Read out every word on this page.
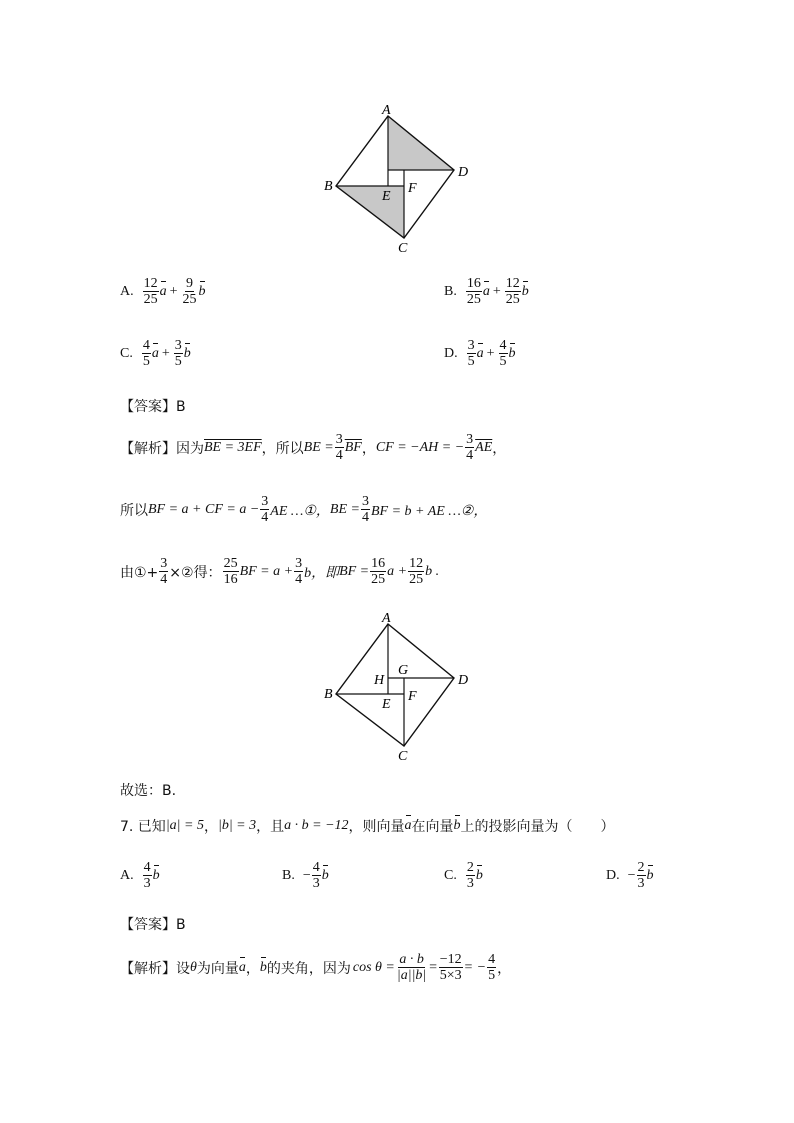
A
B
C
D
E
F
A. $\frac{12}{25}$ $a + \frac{9}{25}$ b	B. $\frac{16}{25}$ $a + \frac{12}{25}$ b
C. $\frac{4}{5}$ $a + \frac{3}{5}$ b	D. $\frac{3}{5}$ $a + \frac{4}{5}$ b
【答案】B
【解析】因为 BE = 3EF ，所以 BE = $\frac{3}{4} \overline{BF}$ ， CF = −AH = − $\frac{3}{4} \overline{AE}$ ，
所以 BF = a + CF = $a - \frac{3}{4}$ AE …①， BE = $\frac{3}{4}$ BF = b + AE …②，
由①+ $\frac{3}{4}$ ×②得： $\frac{25}{16}$ BF = $a + \frac{3}{4}$ b，即 BF = $\frac{16}{25}$ $a + \frac{12}{25}$ b .
A
B
C
D
E
F
G
H
故选：B.
7. 已知 |a| = 5 ， |b| = 3 ，且 a · b = −12 ，则向量 a 在向量 b 上的投影向量为（　　）
A. $\frac{4}{3}$ b	B. − $\frac{4}{3}$ b	C. $\frac{2}{3}$ b	D. − $\frac{2}{3}$ b
【答案】B
【解析】设 θ 为向量 a ， b 的夹角，因为 $\cos \theta = \frac{a \cdot b}{|a||b|} = \frac{-12}{5\times 3}$ = − $\frac{4}{5}$ ，
